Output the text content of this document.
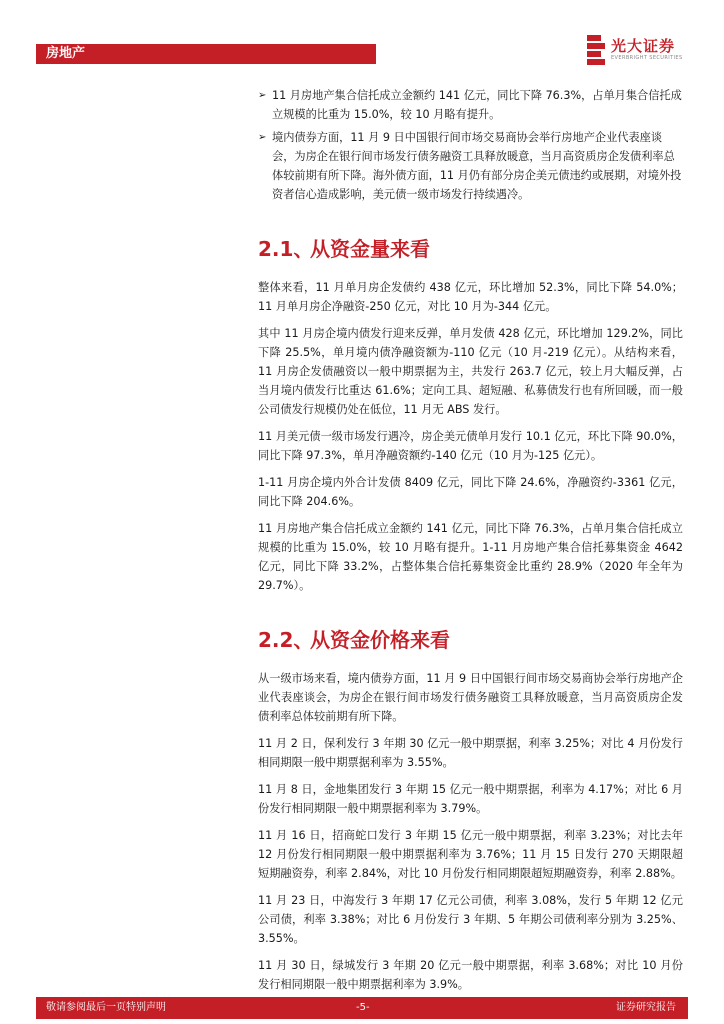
房地产	光大证券
EVERBRIGHT SECURITIES
➢ 11 月房地产集合信托成立金额约 141 亿元，同比下降 76.3%，占单月集合信托成立规模的比重为 15.0%，较 10 月略有提升。
➢ 境内债券方面，11 月 9 日中国银行间市场交易商协会举行房地产企业代表座谈会，为房企在银行间市场发行债务融资工具释放暖意，当月高资质房企发债利率总体较前期有所下降。海外债方面，11 月仍有部分房企美元债违约或展期，对境外投资者信心造成影响，美元债一级市场发行持续遇冷。
2.1、
从资金量来看

整体来看，11 月单月房企发债约 438 亿元，环比增加 52.3%，同比下降 54.0%；11 月单月房企净融资-250 亿元，对比 10 月为-344 亿元。

其中 11 月房企境内债发行迎来反弹，单月发债 428 亿元，环比增加 129.2%，同比下降 25.5%，单月境内债净融资额为-110 亿元（10 月-219 亿元）。从结构来看，11 月房企发债融资以一般中期票据为主，共发行 263.7 亿元，较上月大幅反弹，占当月境内债发行比重达 61.6%；定向工具、超短融、私募债发行也有所回暖，而一般公司债发行规模仍处在低位，11 月无 ABS 发行。

11 月美元债一级市场发行遇冷，房企美元债单月发行 10.1 亿元，环比下降 90.0%，同比下降 97.3%，单月净融资额约-140 亿元（10 月为-125 亿元）。

1-11 月房企境内外合计发债 8409 亿元，同比下降 24.6%，净融资约-3361 亿元，同比下降 204.6%。

11 月房地产集合信托成立金额约 141 亿元，同比下降 76.3%，占单月集合信托成立规模的比重为 15.0%，较 10 月略有提升。1-11 月房地产集合信托募集资金 4642 亿元，同比下降 33.2%，占整体集合信托募集资金比重约 28.9%（2020 年全年为 29.7%）。

2.2、
从资金价格来看

从一级市场来看，境内债券方面，11 月 9 日中国银行间市场交易商协会举行房地产企业代表座谈会，为房企在银行间市场发行债务融资工具释放暖意，当月高资质房企发债利率总体较前期有所下降。

11 月 2 日，保利发行 3 年期 30 亿元一般中期票据，利率 3.25%；对比 4 月份发行相同期限一般中期票据利率为 3.55%。

11 月 8 日，金地集团发行 3 年期 15 亿元一般中期票据，利率为 4.17%；对比 6 月份发行相同期限一般中期票据利率为 3.79%。

11 月 16 日，招商蛇口发行 3 年期 15 亿元一般中期票据，利率 3.23%；对比去年 12 月份发行相同期限一般中期票据利率为 3.76%；11 月 15 日发行 270 天期限超短期融资券，利率 2.84%，对比 10 月份发行相同期限超短期融资券，利率 2.88%。

11 月 23 日，中海发行 3 年期 17 亿元公司债，利率 3.08%，发行 5 年期 12 亿元公司债，利率 3.38%；对比 6 月份发行 3 年期、5 年期公司债利率分别为 3.25%、3.55%。

11 月 30 日，绿城发行 3 年期 20 亿元一般中期票据，利率 3.68%；对比 10 月份发行相同期限一般中期票据利率为 3.9%。

敬请参阅最后一页特别声明	-5-	证券研究报告
